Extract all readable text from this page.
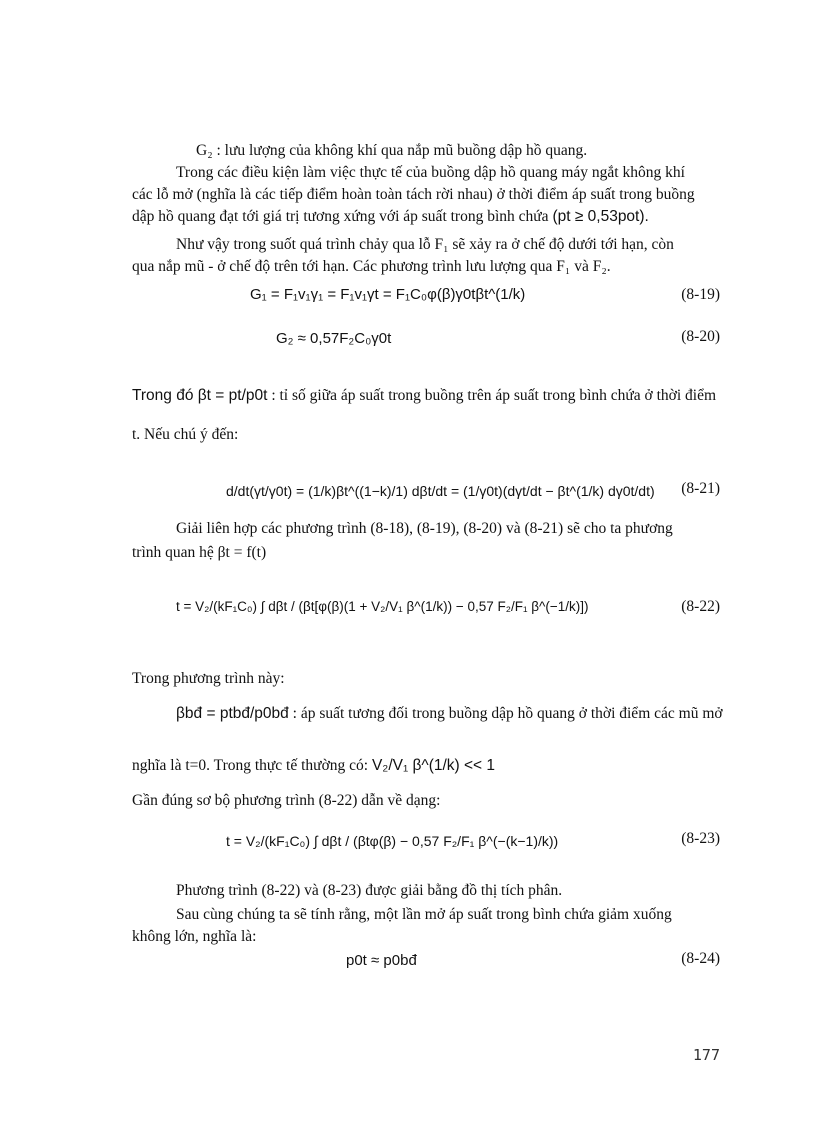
G₂ : lưu lượng của không khí qua nắp mũ buồng dập hồ quang.
Trong các điều kiện làm việc thực tế của buồng dập hồ quang máy ngắt không khí
các lỗ mở (nghĩa là các tiếp điểm hoàn toàn tách rời nhau) ở thời điểm áp suất trong buồng
dập hồ quang đạt tới giá trị tương xứng với áp suất trong bình chứa (pt ≥ 0,53pot).
Như vậy trong suốt quá trình chảy qua lỗ F₁ sẽ xảy ra ở chế độ dưới tới hạn, còn
qua nắp mũ - ở chế độ trên tới hạn. Các phương trình lưu lượng qua F₁ và F₂.
G₁ = F₁v₁γ₁ = F₁v₁γt = F₁C₀φ(β)γ0tβt^(1/k)	(8-19)
G₂ ≈ 0,57F₂C₀γ0t	(8-20)
Trong đó βt = pt/p0t : tỉ số giữa áp suất trong buồng trên áp suất trong bình chứa ở thời điểm
t. Nếu chú ý đến:
d/dt(γt/γ0t) = (1/k)βt^((1−k)/1) dβt/dt = (1/γ0t)(dγt/dt − βt^(1/k) dγ0t/dt) (8-21)
Giải liên hợp các phương trình (8-18), (8-19), (8-20) và (8-21) sẽ cho ta phương
trình quan hệ βt = f(t)
t = V₂/(kF₁C₀) ∫ dβt / (βt[φ(β)(1 + V₂/V₁ β^(1/k)) − 0,57 F₂/F₁ β^(−1/k)])	(8-22)
Trong phương trình này:
βbđ = ptbđ/p0bđ : áp suất tương đối trong buồng dập hồ quang ở thời điểm các mũ mở
nghĩa là t=0. Trong thực tế thường có: V₂/V₁ β^(1/k) << 1
Gần đúng sơ bộ phương trình (8-22) dẫn về dạng:
t = V₂/(kF₁C₀) ∫ dβt / (βtφ(β) − 0,57 F₂/F₁ β^(−(k−1)/k))	(8-23)
Phương trình (8-22) và (8-23) được giải bằng đồ thị tích phân.
Sau cùng chúng ta sẽ tính rằng, một lần mở áp suất trong bình chứa giảm xuống
không lớn, nghĩa là:
p0t ≈ p0bđ	(8-24)
177
